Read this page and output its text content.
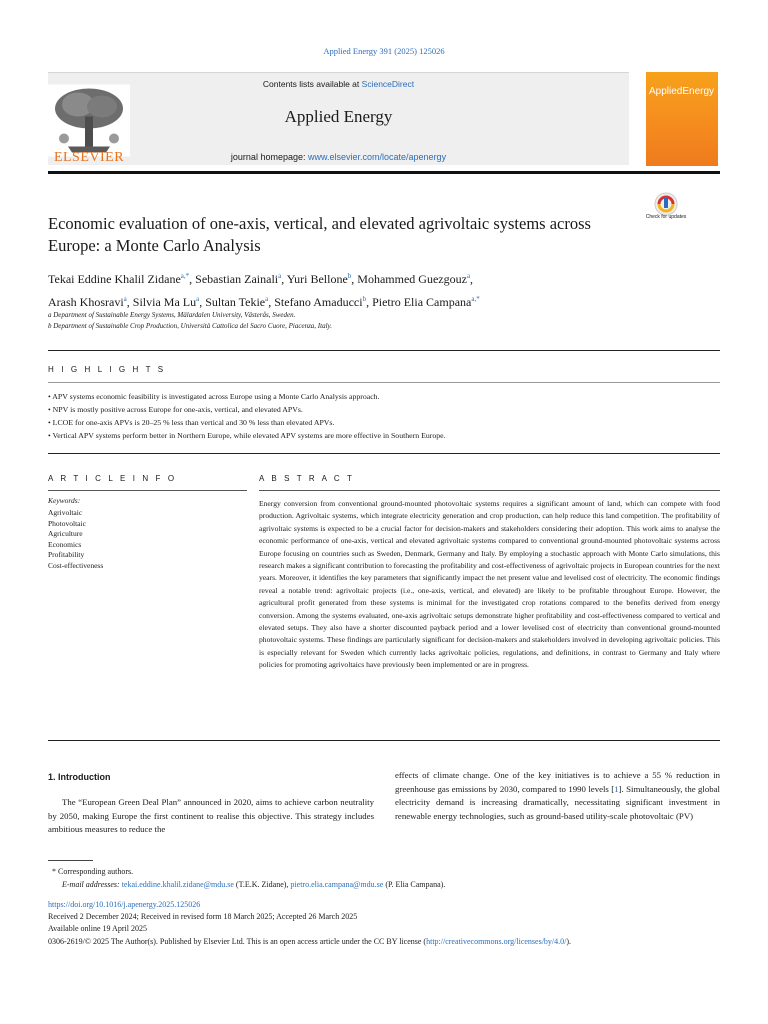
Applied Energy 391 (2025) 125026
Contents lists available at ScienceDirect
Applied Energy
journal homepage: www.elsevier.com/locate/apenergy
ELSEVIER
AppliedEnergy
Economic evaluation of one-axis, vertical, and elevated agrivoltaic systems across Europe: a Monte Carlo Analysis
Check for updates
Tekai Eddine Khalil Zidane$^{a,*}$, Sebastian Zainali$^a$, Yuri Bellone$^b$, Mohammed Guezgouz$^a$,
Arash Khosravi$^a$, Silvia Ma Lu$^a$, Sultan Tekie$^a$, Stefano Amaducci$^b$, Pietro Elia Campana$^{a,*}$
a Department of Sustainable Energy Systems, Mälardalen University, Västerås, Sweden.
b Department of Sustainable Crop Production, Università Cattolica del Sacro Cuore, Piacenza, Italy.
H I G H L I G H T S
• APV systems economic feasibility is investigated across Europe using a Monte Carlo Analysis approach.
• NPV is mostly positive across Europe for one-axis, vertical, and elevated APVs.
• LCOE for one-axis APVs is 20–25 % less than vertical and 30 % less than elevated APVs.
• Vertical APV systems perform better in Northern Europe, while elevated APV systems are more effective in Southern Europe.
A R T I C L E I N F O	A B S T R A C T
Keywords:
Agrivoltaic
Photovoltaic
Agriculture
Economics
Profitability
Cost-effectiveness
Energy conversion from conventional ground-mounted photovoltaic systems requires a significant amount of land, which can compete with food production. Agrivoltaic systems, which integrate electricity generation and crop production, can help reduce this land competition. The profitability of agrivoltaic systems is expected to be a crucial factor for decision-makers and stakeholders considering their adoption. This work aims to analyse the economic performance of one-axis, vertical and elevated agrivoltaic systems compared to conventional ground-mounted photovoltaic systems across Europe focusing on countries such as Sweden, Denmark, Germany and Italy. By employing a stochastic approach with Monte Carlo simulations, this research makes a significant contribution to forecasting the profitability and cost-effectiveness of agrivoltaic projects in European countries for the next years. Moreover, it identifies the key parameters that significantly impact the net present value and levelised cost of electricity. The economic findings reveal a notable trend: agrivoltaic projects (i.e., one-axis, vertical, and elevated) are likely to be profitable throughout Europe. However, the agricultural profit generated from these systems is minimal for the investigated crop rotations compared to the benefits derived from energy conversion. Among the systems evaluated, one-axis agrivoltaic setups demonstrate higher profitability and cost-effectiveness compared to vertical and elevated setups. They also have a shorter discounted payback period and a lower levelised cost of electricity than conventional ground-mounted photovoltaic systems. These findings are particularly significant for decision-makers and stakeholders involved in developing agrivoltaic policies. This is especially relevant for Sweden which currently lacks agrivoltaic policies, regulations, and definitions, in contrast to Germany and Italy where policies for promoting agrivoltaics have previously been implemented or are in progress.
1. Introduction
The “European Green Deal Plan” announced in 2020, aims to achieve carbon neutrality by 2050, making Europe the first continent to realise this objective. This strategy includes ambitious measures to reduce the
effects of climate change. One of the key initiatives is to achieve a 55 % reduction in greenhouse gas emissions by 2030, compared to 1990 levels [1]. Simultaneously, the global electricity demand is increasing dramatically, necessitating significant investment in renewable energy technologies, such as ground-based utility-scale photovoltaic (PV)
* Corresponding authors.
E-mail addresses: tekai.eddine.khalil.zidane@mdu.se (T.E.K. Zidane), pietro.elia.campana@mdu.se (P. Elia Campana).
https://doi.org/10.1016/j.apenergy.2025.125026
Received 2 December 2024; Received in revised form 18 March 2025; Accepted 26 March 2025
Available online 19 April 2025
0306-2619/© 2025 The Author(s). Published by Elsevier Ltd. This is an open access article under the CC BY license (http://creativecommons.org/licenses/by/4.0/).
